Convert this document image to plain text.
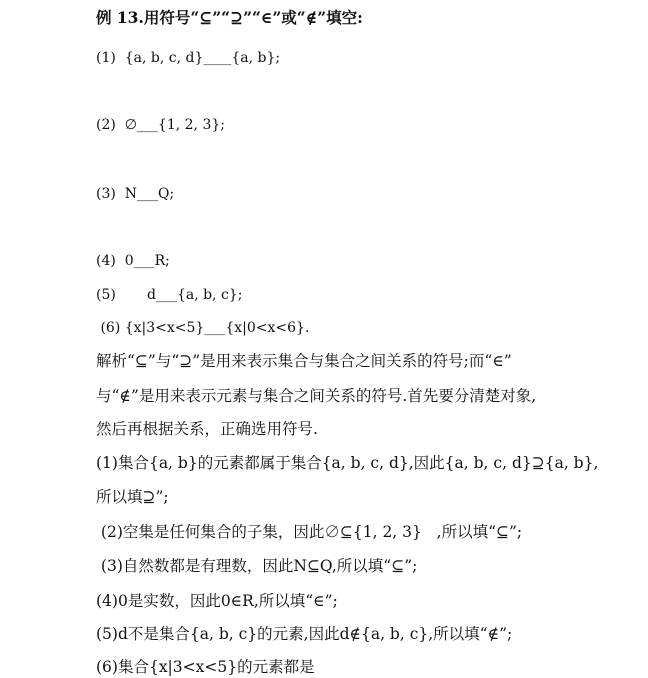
例 13.用符号“⊆”“⊇”“∈”或“∉”填空:

(1)  {a, b, c, d}____{a, b};

(2)  ∅___{1, 2, 3};

(3)  N___Q;

(4)  0___R;

(5)       d___{a, b, c};

(6) {x|3<x<5}___{x|0<x<6}.

解析“⊆”与“⊇”是用来表示集合与集合之间关系的符号;而“∈”

与“∉”是用来表示元素与集合之间关系的符号.首先要分清楚对象,

然后再根据关系，正确选用符号.

(1)集合{a, b}的元素都属于集合{a, b, c, d},因此{a, b, c, d}⊇{a, b},

所以填⊇”;

(2)空集是任何集合的子集，因此∅⊆{1, 2, 3}   ,所以填“⊆”;

(3)自然数都是有理数，因此N⊆Q,所以填“⊆”;

(4)0是实数，因此0∈R,所以填“∈”;

(5)d不是集合{a, b, c}的元素,因此d∉{a, b, c},所以填“∉”;

(6)集合{x|3<x<5}的元素都是
